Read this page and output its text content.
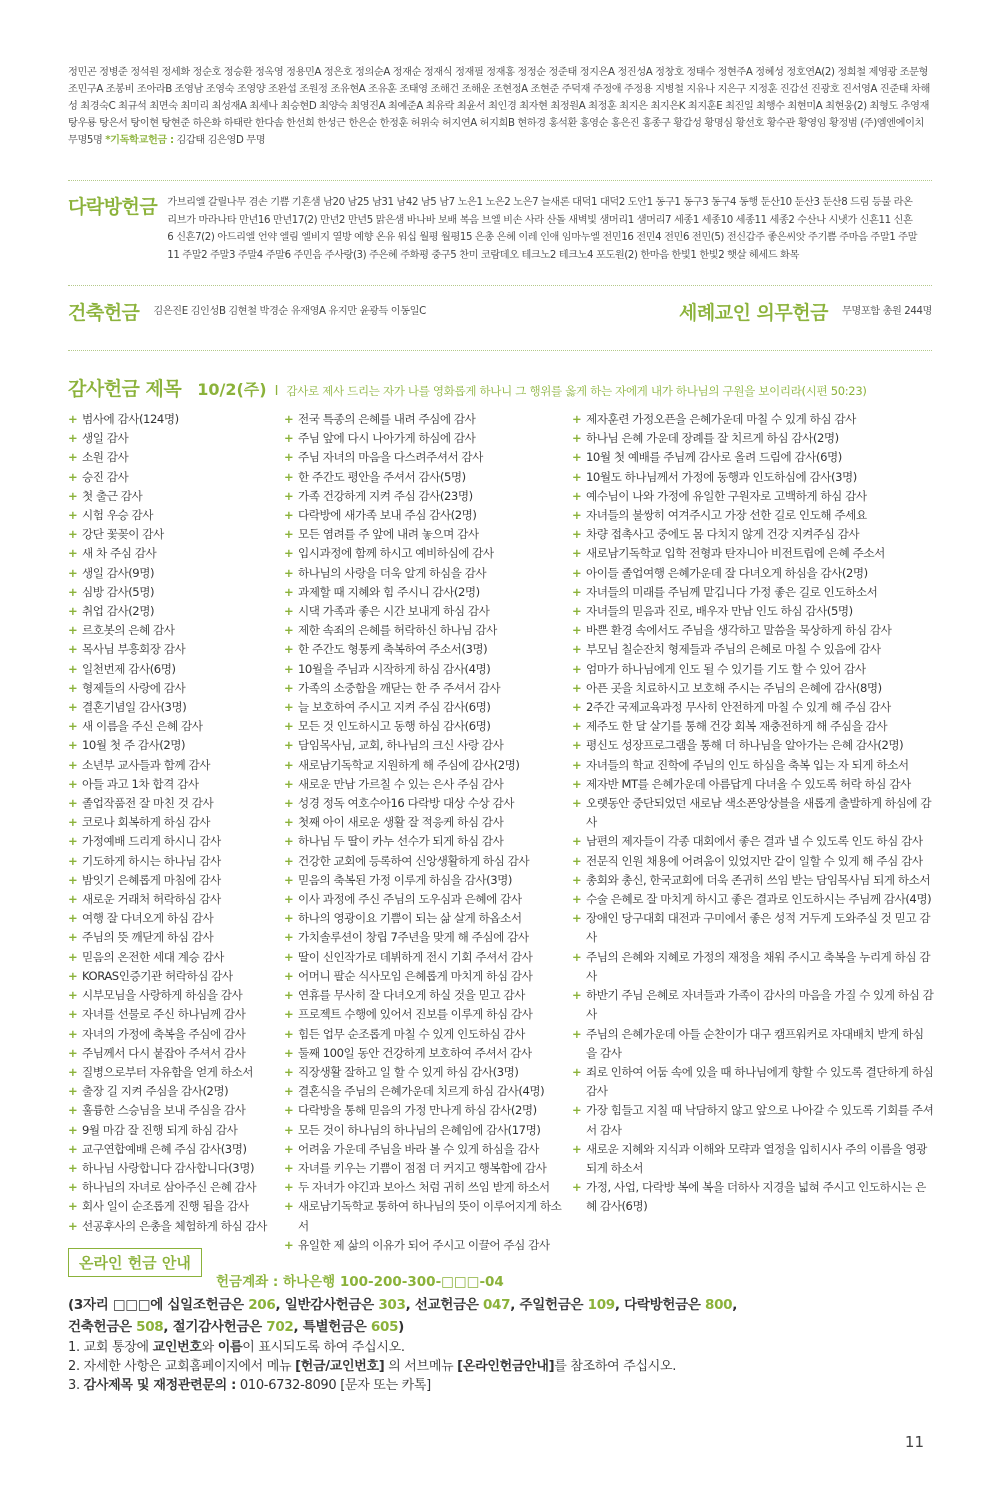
정민곤 정병준 정석원 정세화 정순호 정승환 정옥영 정용민A 정은호 정의순A 정재순 정재식 정재필 정재홍 정정순 정준태 정지은A 정진성A 정창호 정태수 정현주A 정혜성 정호연A(2) 정희철 제영광 조문형 조민구A 조봉비 조아라B 조영남 조영숙 조영양 조완섭 조원정 조유현A 조유훈 조태영 조해건 조해운 조현정A 조현준 주덕재 주정애 주정용 지병철 지유나 지은구 지정훈 진갑선 진광호 진서영A 진준태 차해성 최경숙C 최규석 최면숙 최미리 최성재A 최세나 최승현D 최양숙 최영진A 최예준A 최유락 최윤서 최인경 최자현 최정원A 최정훈 최지은 최지은K 최지훈E 최진일 최행수 최현미A 최현웅(2) 최형도 추영재 탕우룡 탕은서 탕이현 탕현준 하은화 하태란 한다솜 한선희 한성근 한은순 한정훈 허위숙 허지연A 허지희B 현하경 홍석환 홍영순 홍은진 홍종구 황갑성 황명심 황선호 황수관 황영임 황정범 (주)엠엔에이치 무명5명 *기독학교헌금 : 김갑태 김은영D 무명
다락방헌금 가브리엘 갈릴나무 겸손 기쁨 기흔샘 남20 남25 남31 남42 남5 남7 노은1 노은2 노은7 늘새론 대덕1 대덕2 도안1 동구1 동구3 동구4 동행 둔산10 둔산3 둔산8 드림 등불 라온 리브가 마라나타 만년16 만년17(2) 만년2 만년5 맑은샘 바나바 보배 복음 브엘 비손 사라 산돌 새벽빛 샘머리1 샘머리7 세종1 세종10 세종11 세종2 수산나 시냇가 신흔11 신흔6 신흔7(2) 아드리엘 언약 엘림 엘비지 열방 예향 온유 워십 월평 월평15 은총 은혜 이레 인애 임마누엘 전민16 전민4 전민6 전민(5) 전신갑주 좋은씨앗 주기쁨 주마음 주말1 주말11 주말2 주말3 주말4 주말6 주민음 주사랑(3) 주은혜 주화평 중구5 찬미 코람데오 테크노2 테크노4 포도원(2) 한마음 한빛1 한빛2 햇살 헤세드 화목
건축헌금 김은진E 김인성B 김현철 박경순 유재영A 유지만 윤광득 이동일C	세례교인 의무헌금 무명포함 총원 244명
감사헌금 제목 10/2(주) I 감사로 제사 드리는 자가 나를 영화롭게 하나니 그 행위를 옳게 하는 자에게 내가 하나님의 구원을 보이리라(시편 50:23)
+ 범사에 감사(124명)
+ 생일 감사
+ 소원 감사
+ 승진 감사
+ 첫 출근 감사
+ 시험 우승 감사
+ 강단 꽃꽂이 감사
+ 새 차 주심 감사
+ 생일 감사(9명)
+ 심방 감사(5명)
+ 취업 감사(2명)
+ 르호봇의 은혜 감사
+ 목사님 부흥회장 감사
+ 일천번제 감사(6명)
+ 형제들의 사랑에 감사
+ 결혼기념일 감사(3명)
+ 새 이름을 주신 은혜 감사
+ 10월 첫 주 감사(2명)
+ 소년부 교사들과 함께 감사
+ 아들 과고 1차 합격 감사
+ 졸업작품전 잘 마친 것 감사
+ 코로나 회복하게 하심 감사
+ 가정예배 드리게 하시니 감사
+ 기도하게 하시는 하나님 감사
+ 밤잇기 은혜롭게 마침에 감사
+ 새로운 거래처 허락하심 감사
+ 여행 잘 다녀오게 하심 감사
+ 주님의 뜻 깨닫게 하심 감사
+ 믿음의 온전한 세대 계승 감사
+ KORAS인증기관 허락하심 감사
+ 시부모님을 사랑하게 하심을 감사
+ 자녀를 선물로 주신 하나님께 감사
+ 자녀의 가정에 축복을 주심에 감사
+ 주님께서 다시 붙잡아 주셔서 감사
+ 질병으로부터 자유함을 얻게 하소서
+ 출장 길 지켜 주심을 감사(2명)
+ 훌륭한 스승님을 보내 주심을 감사
+ 9월 마감 잘 진행 되게 하심 감사
+ 교구연합예배 은혜 주심 감사(3명)
+ 하나님 사랑합니다 감사합니다(3명)
+ 하나님의 자녀로 삼아주신 은혜 감사
+ 회사 일이 순조롭게 진행 됨을 감사
+ 선공후사의 은총을 체험하게 하심 감사
+ 전국 특종의 은혜를 내려 주심에 감사
+ 주님 앞에 다시 나아가게 하심에 감사
+ 주님 자녀의 마음을 다스려주셔서 감사
+ 한 주간도 평안을 주셔서 감사(5명)
+ 가족 건강하게 지켜 주심 감사(23명)
+ 다락방에 새가족 보내 주심 감사(2명)
+ 모든 염려를 주 앞에 내려 놓으며 감사
+ 입시과정에 함께 하시고 예비하심에 감사
+ 하나님의 사랑을 더욱 알게 하심을 감사
+ 과제할 때 지혜와 힘 주시니 감사(2명)
+ 시댁 가족과 좋은 시간 보내게 하심 감사
+ 제한 속죄의 은혜를 허락하신 하나님 감사
+ 한 주간도 형통케 축복하여 주소서(3명)
+ 10월을 주님과 시작하게 하심 감사(4명)
+ 가족의 소중함을 깨닫는 한 주 주셔서 감사
+ 늘 보호하여 주시고 지켜 주심 감사(6명)
+ 모든 것 인도하시고 동행 하심 감사(6명)
+ 담임목사님, 교회, 하나님의 크신 사랑 감사
+ 새로남기독학교 지원하게 해 주심에 감사(2명)
+ 새로운 만남 가르칠 수 있는 은사 주심 감사
+ 성경 정독 여호수아16 다락방 대상 수상 감사
+ 첫째 아이 새로운 생활 잘 적응케 하심 감사
+ 하나님 두 딸이 카누 선수가 되게 하심 감사
+ 건강한 교회에 등록하여 신앙생활하게 하심 감사
+ 믿음의 축복된 가정 이루게 하심을 감사(3명)
+ 이사 과정에 주신 주님의 도우심과 은혜에 감사
+ 하나의 영광이요 기쁨이 되는 삶 살게 하옵소서
+ 가치솔루션이 창립 7주년을 맞게 해 주심에 감사
+ 딸이 신인작가로 데뷔하게 전시 기회 주셔서 감사
+ 어머니 팔순 식사모임 은혜롭게 마치게 하심 감사
+ 연휴를 무사히 잘 다녀오게 하실 것을 믿고 감사
+ 프로젝트 수행에 있어서 진보를 이루게 하심 감사
+ 힘든 업무 순조롭게 마칠 수 있게 인도하심 감사
+ 둘째 100일 동안 건강하게 보호하여 주셔서 감사
+ 직장생활 잘하고 일 할 수 있게 하심 감사(3명)
+ 결혼식을 주님의 은혜가운데 치르게 하심 감사(4명)
+ 다락방을 통해 믿음의 가정 만나게 하심 감사(2명)
+ 모든 것이 하나님의 하나님의 은혜임에 감사(17명)
+ 어려움 가운데 주님을 바라 볼 수 있게 하심을 감사
+ 자녀를 키우는 기쁨이 점점 더 커지고 행복함에 감사
+ 두 자녀가 야긴과 보아스 처럼 귀히 쓰임 받게 하소서
+ 새로남기독학교 통하여 하나님의 뜻이 이루어지게 하소서
+ 유일한 제 삶의 이유가 되어 주시고 이끌어 주심 감사
+ 제자훈련 가정오픈을 은혜가운데 마칠 수 있게 하심 감사
+ 하나님 은혜 가운데 장례를 잘 치르게 하심 감사(2명)
+ 10월 첫 예배를 주님께 감사로 올려 드림에 감사(6명)
+ 10월도 하나님께서 가정에 동행과 인도하심에 감사(3명)
+ 예수님이 나와 가정에 유일한 구원자로 고백하게 하심 감사
+ 자녀들의 불쌍히 여겨주시고 가장 선한 길로 인도해 주세요
+ 차량 접촉사고 중에도 몸 다치지 않게 건강 지켜주심 감사
+ 새로남기독학교 입학 전형과 탄자니아 비전트립에 은혜 주소서
+ 아이들 졸업여행 은혜가운데 잘 다녀오게 하심을 감사(2명)
+ 자녀들의 미래를 주님께 맡깁니다 가정 좋은 길로 인도하소서
+ 자녀들의 믿음과 진로, 배우자 만남 인도 하심 감사(5명)
+ 바쁜 환경 속에서도 주님을 생각하고 말씀을 묵상하게 하심 감사
+ 부모님 칠순잔치 형제들과 주님의 은혜로 마칠 수 있음에 감사
+ 엄마가 하나님에게 인도 될 수 있기를 기도 할 수 있어 감사
+ 아픈 곳을 치료하시고 보호해 주시는 주님의 은혜에 감사(8명)
+ 2주간 국제교육과정 무사히 안전하게 마칠 수 있게 해 주심 감사
+ 제주도 한 달 살기를 통해 건강 회복 재충전하게 해 주심을 감사
+ 평신도 성장프로그램을 통해 더 하나님을 알아가는 은혜 감사(2명)
+ 자녀들의 학교 진학에 주님의 인도 하심을 축복 입는 자 되게 하소서
+ 제자반 MT를 은혜가운데 아름답게 다녀올 수 있도록 허락 하심 감사
+ 오랫동안 중단되었던 새로남 색소폰앙상블을 새롭게 출발하게 하심에 감사
+ 남편의 제자들이 각종 대회에서 좋은 결과 낼 수 있도록 인도 하심 감사
+ 전문직 인원 채용에 어려움이 있었지만 같이 일할 수 있게 해 주심 감사
+ 총회와 총신, 한국교회에 더욱 존귀히 쓰임 받는 담임목사님 되게 하소서
+ 수술 은혜로 잘 마치게 하시고 좋은 결과로 인도하시는 주님께 감사(4명)
+ 장애인 당구대회 대전과 구미에서 좋은 성적 거두게 도와주실 것 믿고 감사
+ 주님의 은혜와 지혜로 가정의 재정을 채워 주시고 축복을 누리게 하심 감사
+ 하반기 주님 은혜로 자녀들과 가족이 감사의 마음을 가질 수 있게 하심 감사
+ 주님의 은혜가운데 아들 순찬이가 대구 캠프워커로 자대배치 받게 하심을 감사
+ 죄로 인하여 어둠 속에 있을 때 하나님에게 향할 수 있도록 결단하게 하심 감사
+ 가장 힘들고 지칠 때 낙담하지 않고 앞으로 나아갈 수 있도록 기회를 주셔서 감사
+ 새로운 지혜와 지식과 이해와 모략과 열정을 입히시사 주의 이름을 영광 되게 하소서
+ 가정, 사업, 다락방 복에 복을 더하사 지경을 넓혀 주시고 인도하시는 은혜 감사(6명)
온라인 헌금 안내
헌금계좌 : 하나은행 100-200-300-□□□-04
(3자리 □□□에 십일조헌금은 206, 일반감사헌금은 303, 선교헌금은 047, 주일헌금은 109, 다락방헌금은 800,
건축헌금은 508, 절기감사헌금은 702, 특별헌금은 605)
1. 교회 통장에 교인번호와 이름이 표시되도록 하여 주십시오.
2. 자세한 사항은 교회홈페이지에서 메뉴 [헌금/교인번호] 의 서브메뉴 [온라인헌금안내]를 참조하여 주십시오.
3. 감사제목 및 재정관련문의 : 010-6732-8090 [문자 또는 카톡]
11
